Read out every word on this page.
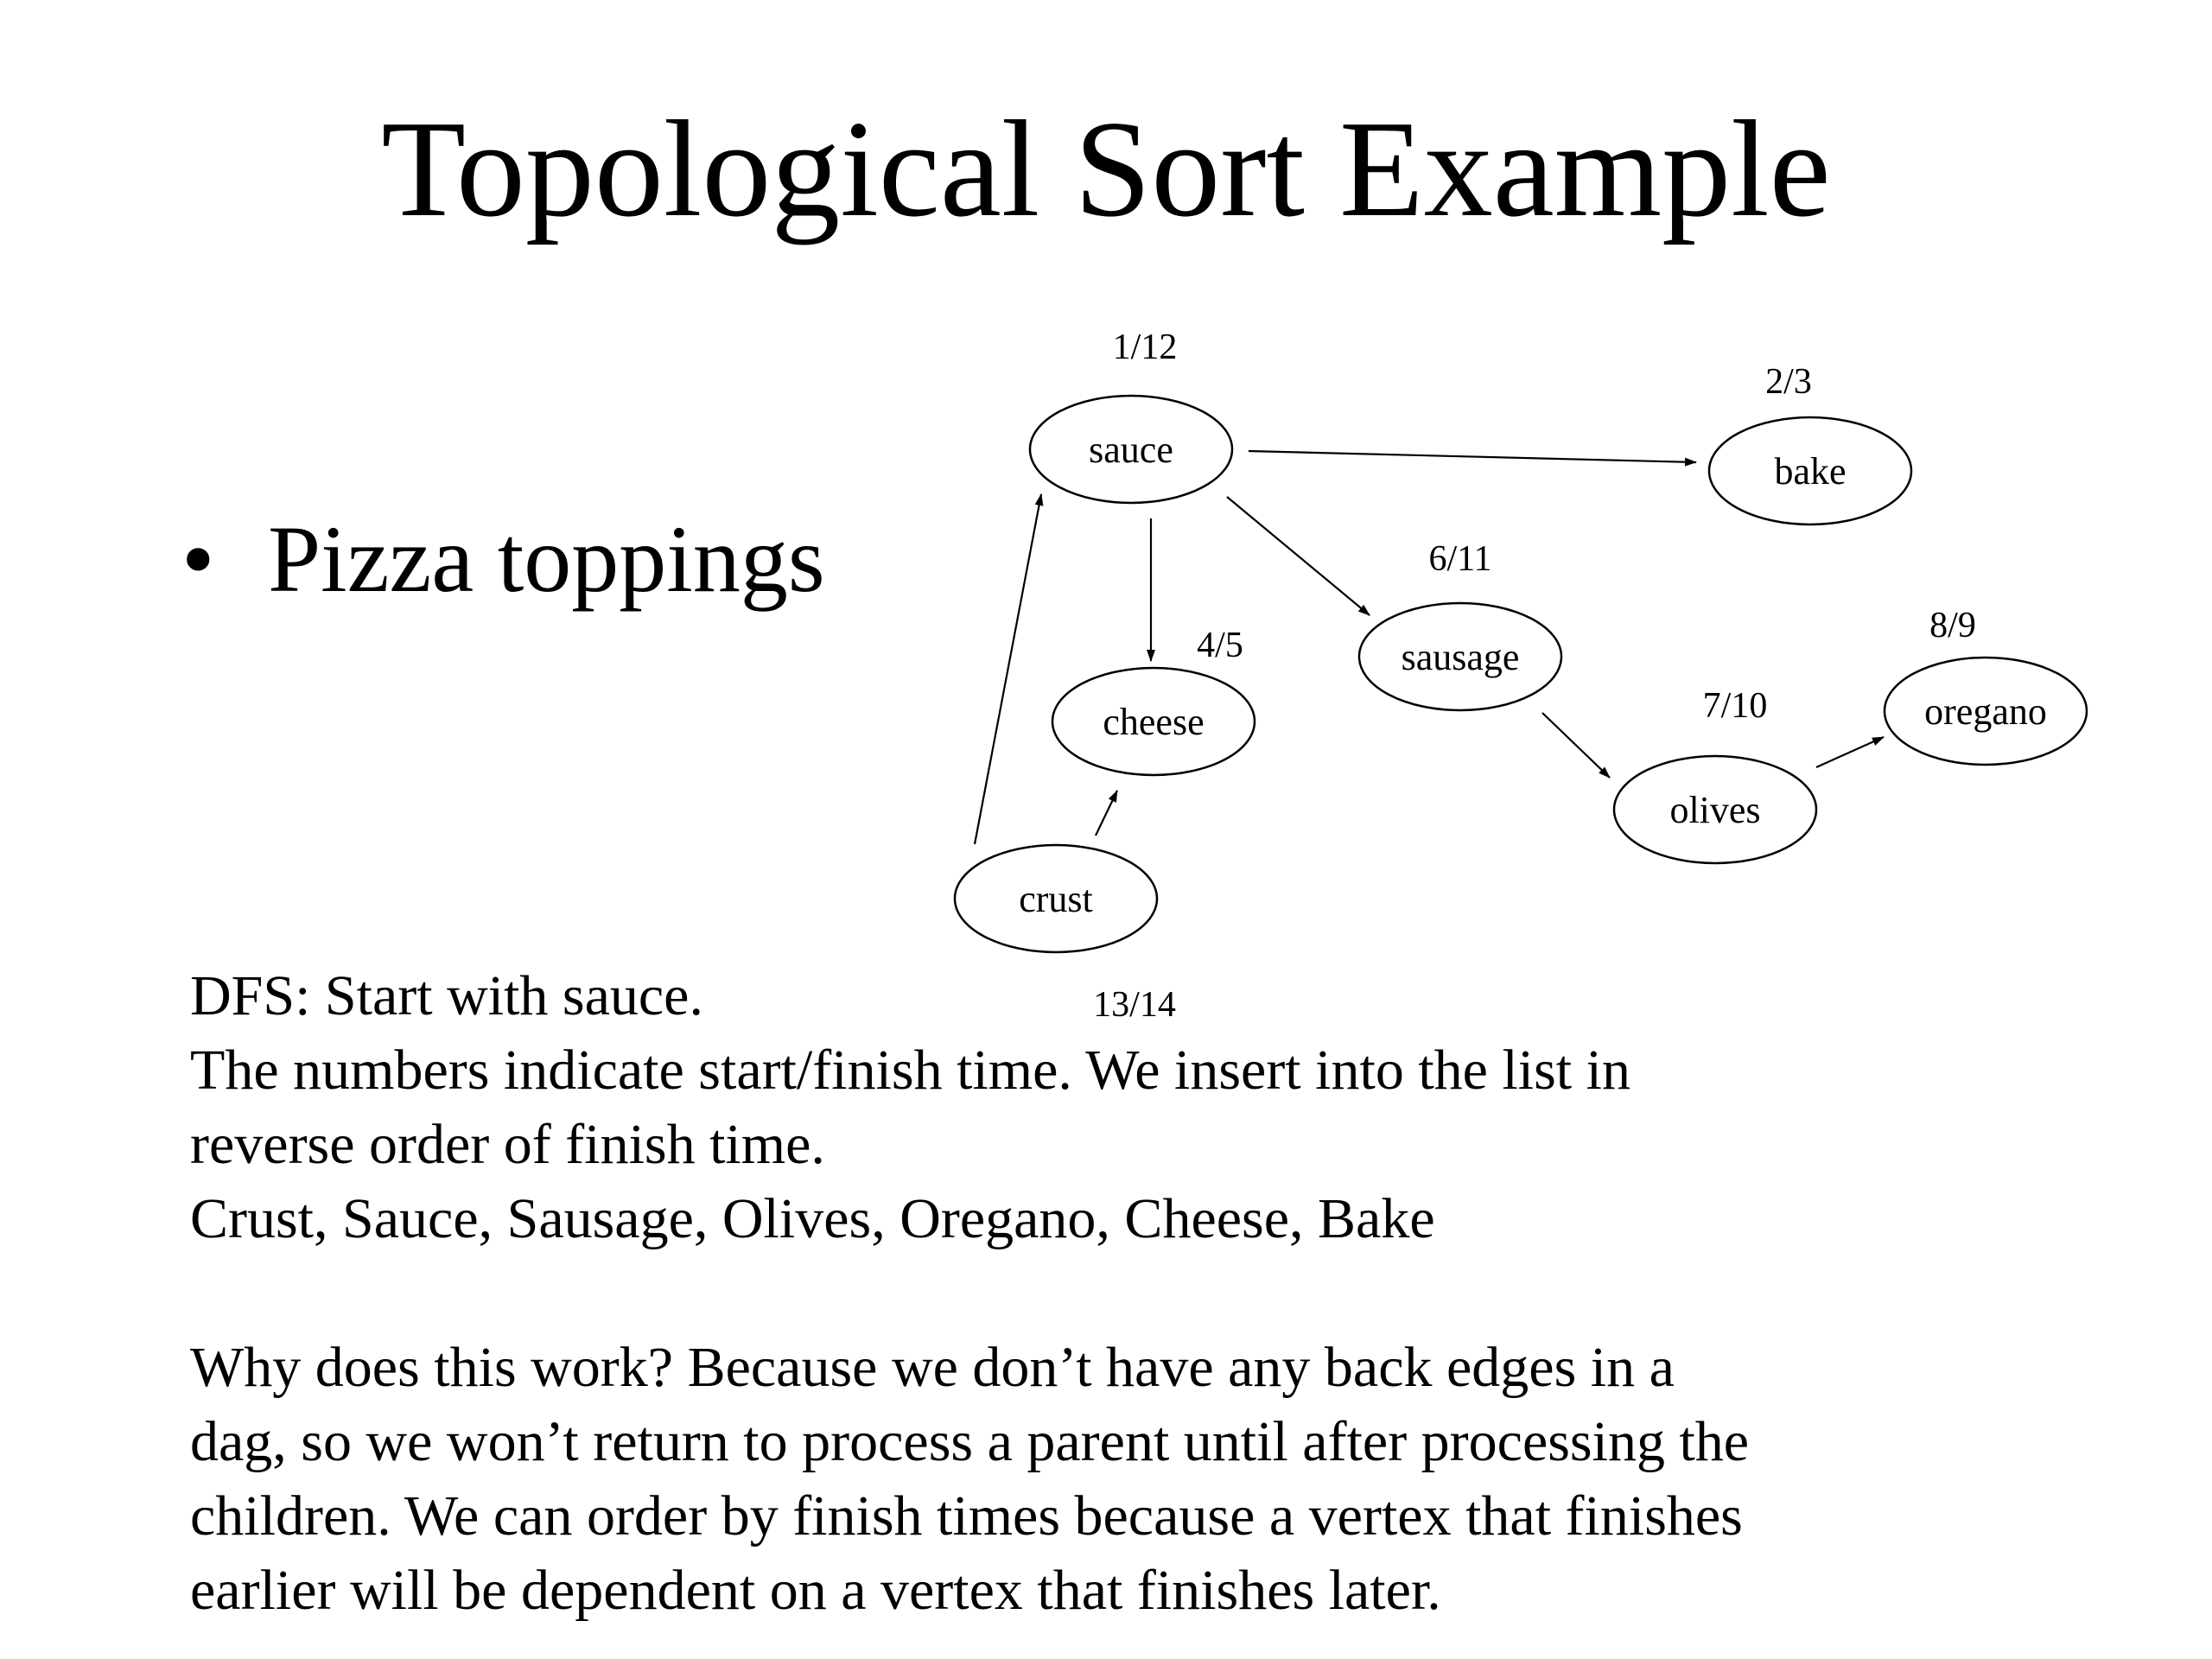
Topological Sort Example
• Pizza toppings
sauce
1/12
bake
2/3
cheese
4/5	sausage
6/11
olives
7/10	oregano
8/9
crust
13/14
DFS: Start with sauce.
The numbers indicate start/finish time. We insert into the list in
reverse order of finish time.
Crust, Sauce, Sausage, Olives, Oregano, Cheese, Bake
Why does this work? Because we don’t have any back edges in a
dag, so we won’t return to process a parent until after processing the
children. We can order by finish times because a vertex that finishes
earlier will be dependent on a vertex that finishes later.
